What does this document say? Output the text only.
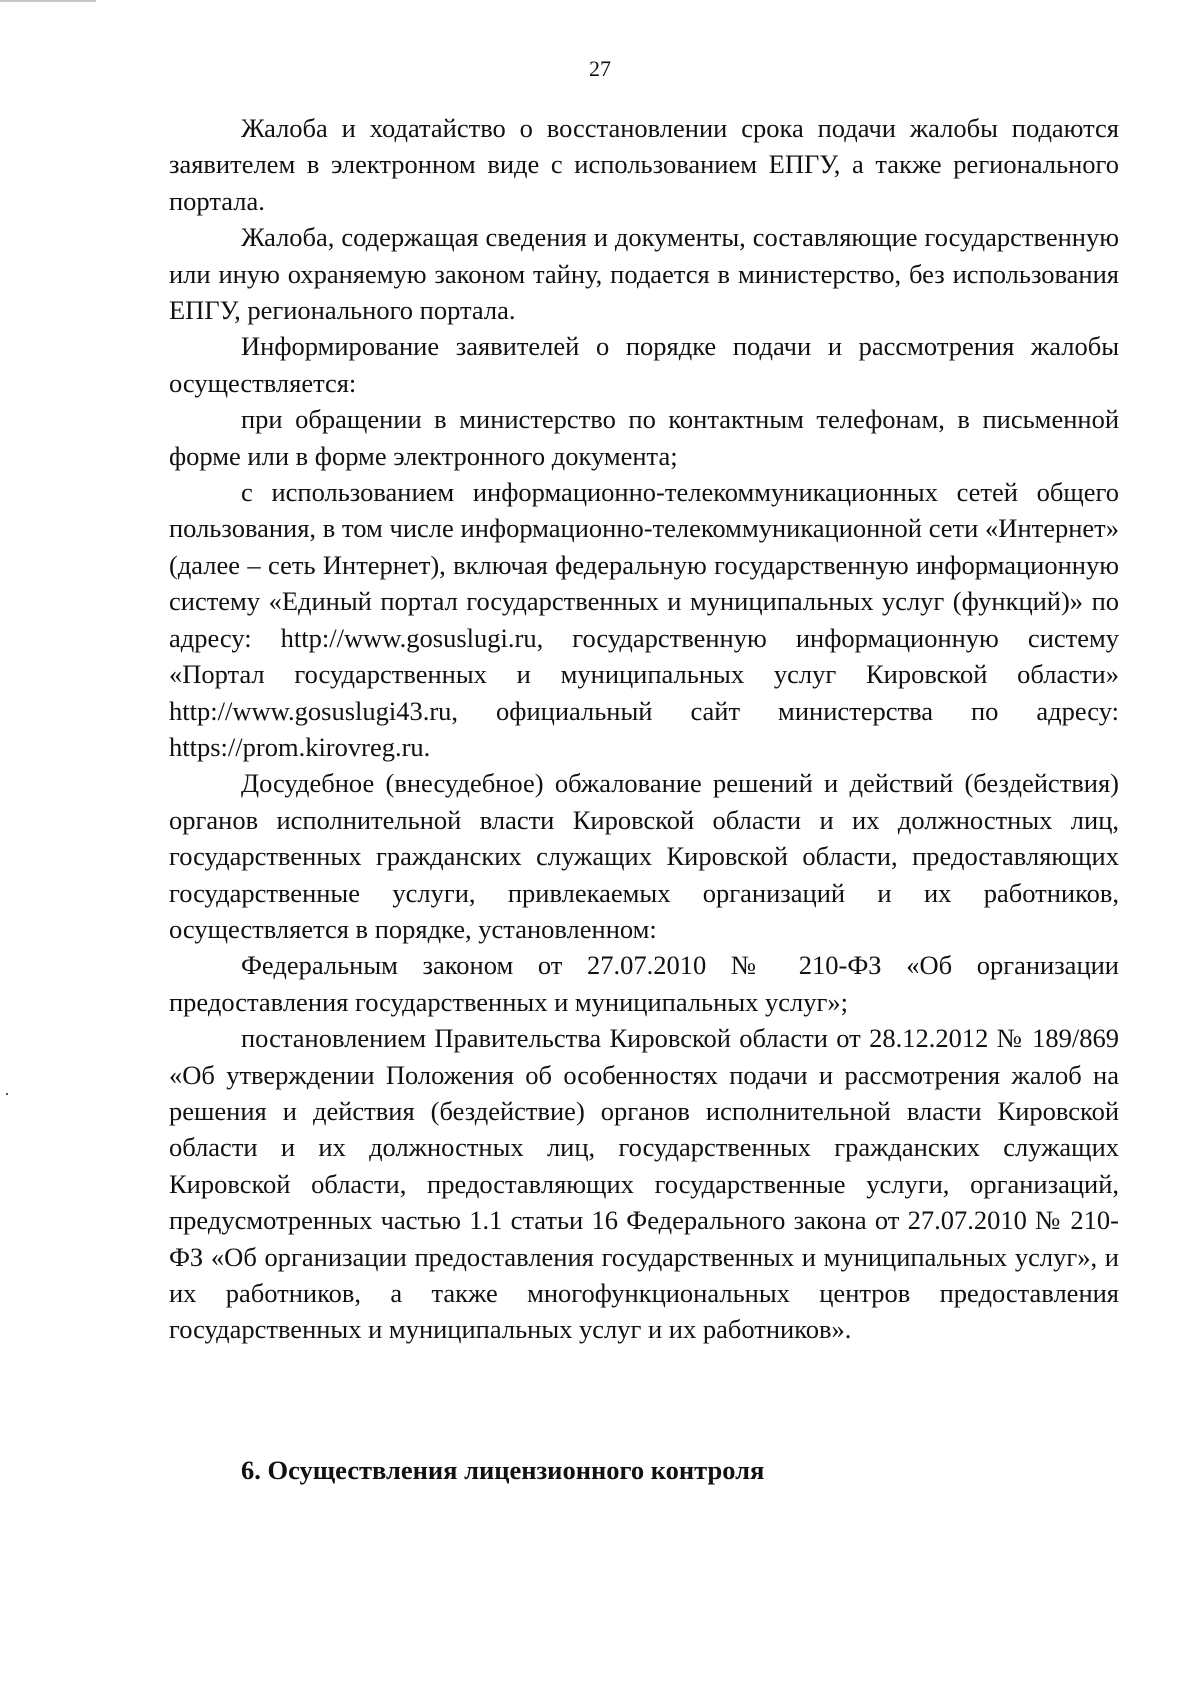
27

Жалоба и ходатайство о восстановлении срока подачи жалобы подаются заявителем в электронном виде с использованием ЕПГУ, а также регионального портала.

Жалоба, содержащая сведения и документы, составляющие государственную или иную охраняемую законом тайну, подается в министерство, без использования ЕПГУ, регионального портала.

Информирование заявителей о порядке подачи и рассмотрения жалобы осуществляется:

при обращении в министерство по контактным телефонам, в письменной форме или в форме электронного документа;

с использованием информационно-телекоммуникационных сетей общего пользования, в том числе информационно-телекоммуникационной сети «Интернет» (далее – сеть Интернет), включая федеральную государственную информационную систему «Единый портал государственных и муниципальных услуг (функций)» по адресу: http://www.gosuslugi.ru, государственную информационную систему «Портал государственных и муниципальных услуг Кировской области» http://www.gosuslugi43.ru, официальный сайт министерства по адресу: https://prom.kirovreg.ru.

Досудебное (внесудебное) обжалование решений и действий (бездействия) органов исполнительной власти Кировской области и их должностных лиц, государственных гражданских служащих Кировской области, предоставляющих государственные услуги, привлекаемых организаций и их работников, осуществляется в порядке, установленном:

Федеральным законом от 27.07.2010 № 210-ФЗ «Об организации предоставления государственных и муниципальных услуг»;

постановлением Правительства Кировской области от 28.12.2012 № 189/869 «Об утверждении Положения об особенностях подачи и рассмотрения жалоб на решения и действия (бездействие) органов исполнительной власти Кировской области и их должностных лиц, государственных гражданских служащих Кировской области, предоставляющих государственные услуги, организаций, предусмотренных частью 1.1 статьи 16 Федерального закона от 27.07.2010 № 210-ФЗ «Об организации предоставления государственных и муниципальных услуг», и их работников, а также многофункциональных центров предоставления государственных и муниципальных услуг и их работников».

6. Осуществления лицензионного контроля
